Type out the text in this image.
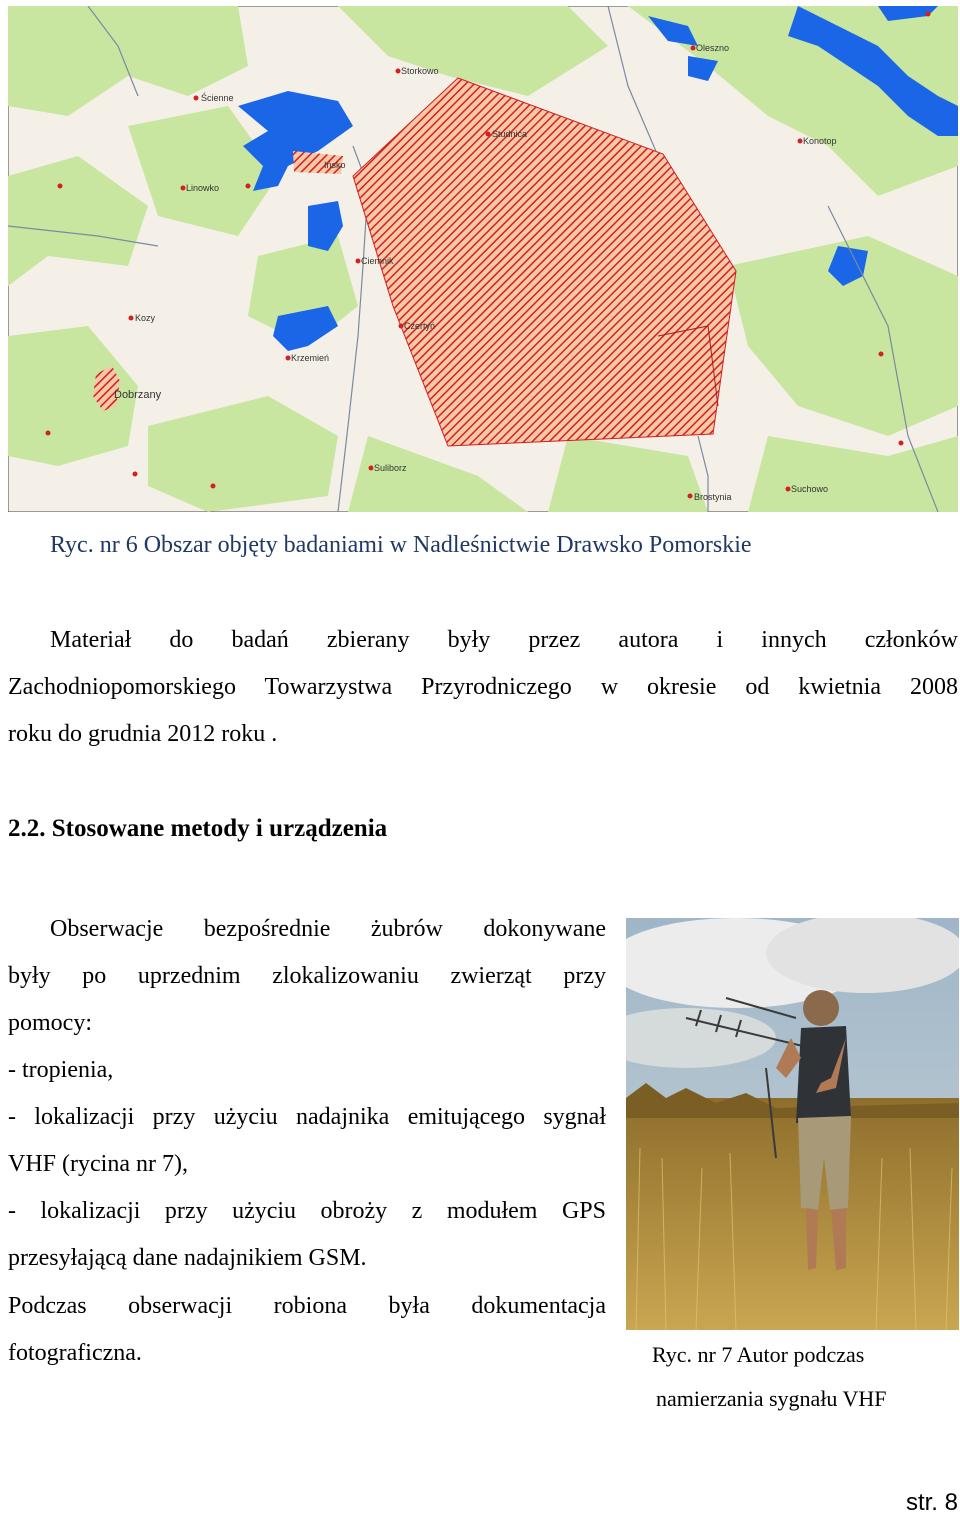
Ścienne
Storkowo
Oleszno
Studnica
Konotop
Linowko
Ińsko
Ciemnik
Kozy
Czertyń
Krzemień
Dobrzany
Suliborz
Brostynia
Suchowo
Ryc. nr 6 Obszar objęty badaniami w Nadleśnictwie Drawsko Pomorskie
Materiał do badań zbierany były przez autora i innych członków
Zachodniopomorskiego Towarzystwa Przyrodniczego w okresie od kwietnia 2008
roku do grudnia 2012 roku .
2.2. Stosowane metody i urządzenia
Obserwacje bezpośrednie żubrów dokonywane
były po uprzednim zlokalizowaniu zwierząt przy
pomocy:
- tropienia,
- lokalizacji przy użyciu nadajnika emitującego sygnał
VHF (rycina nr 7),
- lokalizacji przy użyciu obroży z modułem GPS
przesyłającą dane nadajnikiem GSM.
Podczas obserwacji robiona była dokumentacja
fotograficzna.	Ryc. nr 7 Autor podczas
namierzania sygnału VHF
str. 8
